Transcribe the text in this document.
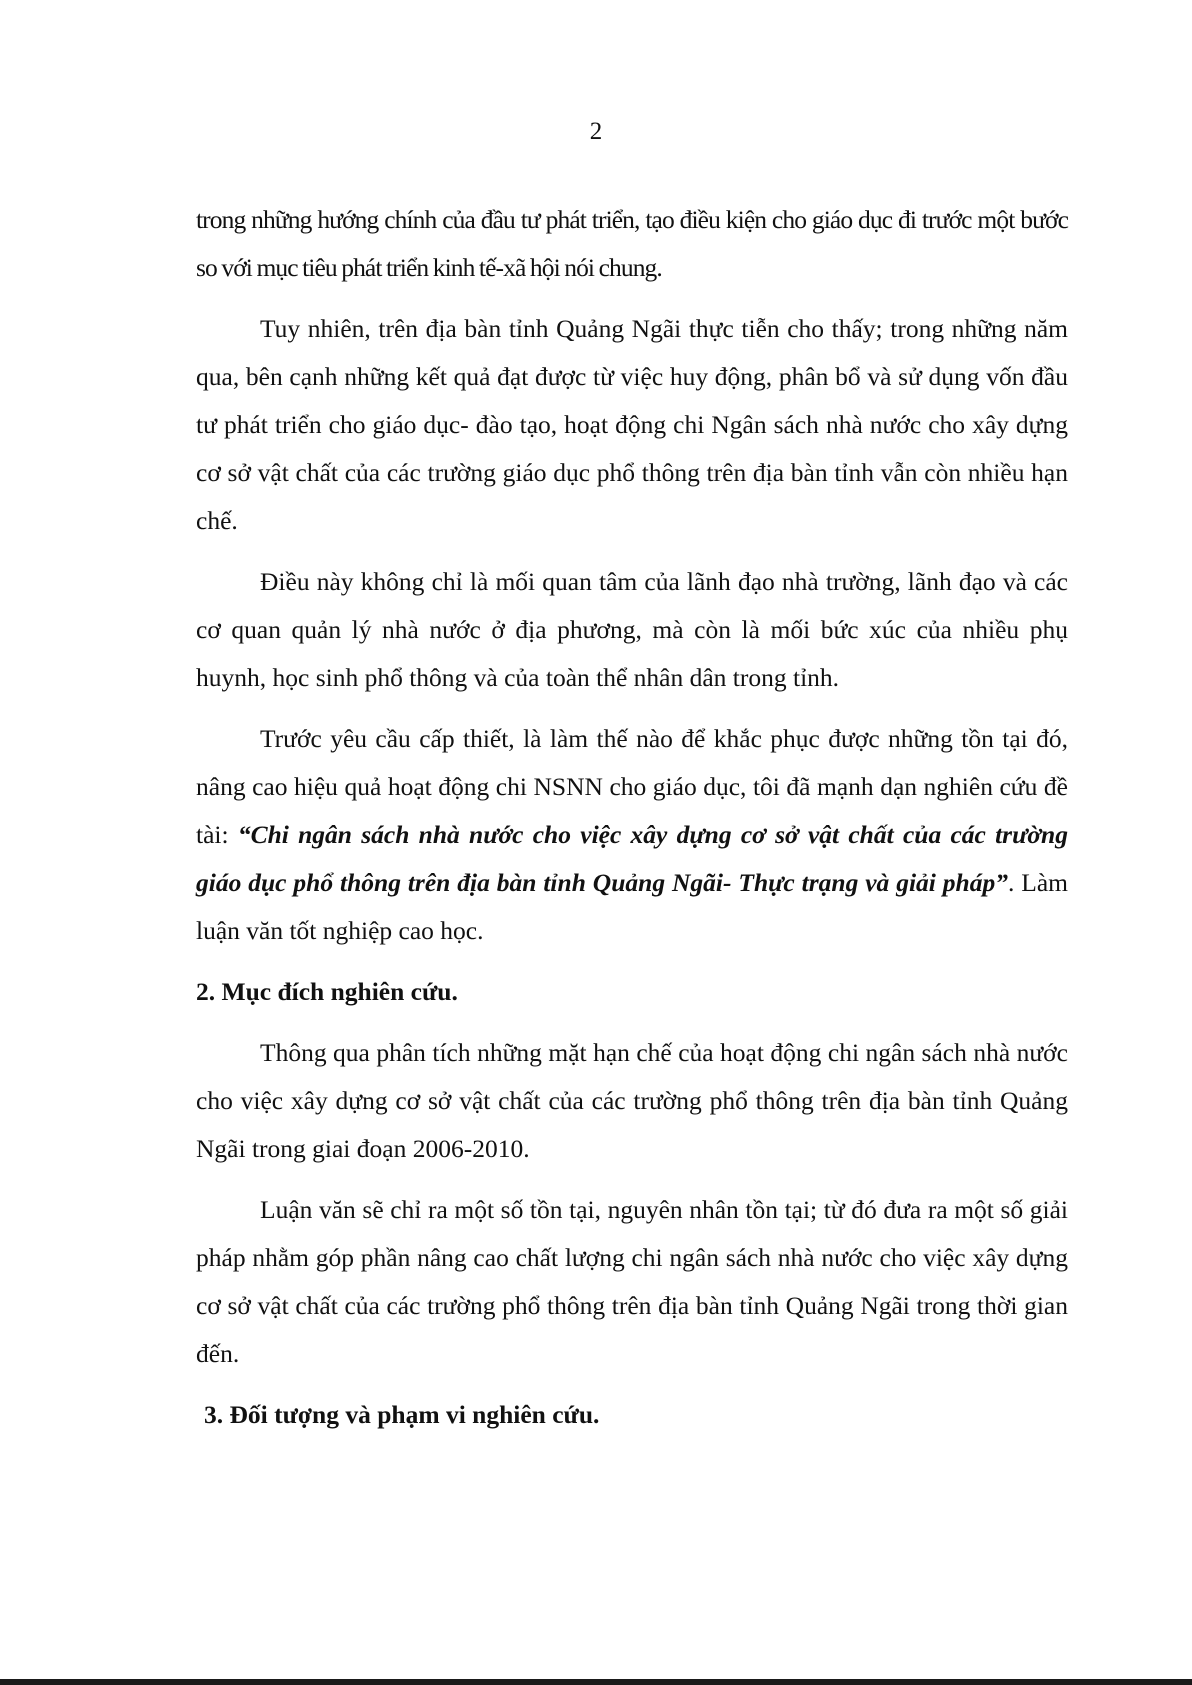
2

trong những hướng chính của đầu tư phát triển, tạo điều kiện cho giáo dục đi trước một bước so với mục tiêu phát triển kinh tế-xã hội nói chung.

Tuy nhiên, trên địa bàn tỉnh Quảng Ngãi thực tiễn cho thấy; trong những năm qua, bên cạnh những kết quả đạt được từ việc huy động, phân bổ và sử dụng vốn đầu tư phát triển cho giáo dục- đào tạo, hoạt động chi Ngân sách nhà nước cho xây dựng cơ sở vật chất của các trường giáo dục phổ thông trên địa bàn tỉnh vẫn còn nhiều hạn chế.

Điều này không chỉ là mối quan tâm của lãnh đạo nhà trường, lãnh đạo và các cơ quan quản lý nhà nước ở địa phương, mà còn là mối bức xúc của nhiều phụ huynh, học sinh phổ thông và của toàn thể nhân dân trong tỉnh.

Trước yêu cầu cấp thiết, là làm thế nào để khắc phục được những tồn tại đó, nâng cao hiệu quả hoạt động chi NSNN cho giáo dục, tôi đã mạnh dạn nghiên cứu đề tài: “Chi ngân sách nhà nước cho việc xây dựng cơ sở vật chất của các trường giáo dục phổ thông trên địa bàn tỉnh Quảng Ngãi- Thực trạng và giải pháp”. Làm luận văn tốt nghiệp cao học.

2. Mục đích nghiên cứu.

Thông qua phân tích những mặt hạn chế của hoạt động chi ngân sách nhà nước cho việc xây dựng cơ sở vật chất của các trường phổ thông trên địa bàn tỉnh Quảng Ngãi trong giai đoạn 2006-2010.

Luận văn sẽ chỉ ra một số tồn tại, nguyên nhân tồn tại; từ đó đưa ra một số giải pháp nhằm góp phần nâng cao chất lượng chi ngân sách nhà nước cho việc xây dựng cơ sở vật chất của các trường phổ thông trên địa bàn tỉnh Quảng Ngãi trong thời gian đến.

3. Đối tượng và phạm vi nghiên cứu.
